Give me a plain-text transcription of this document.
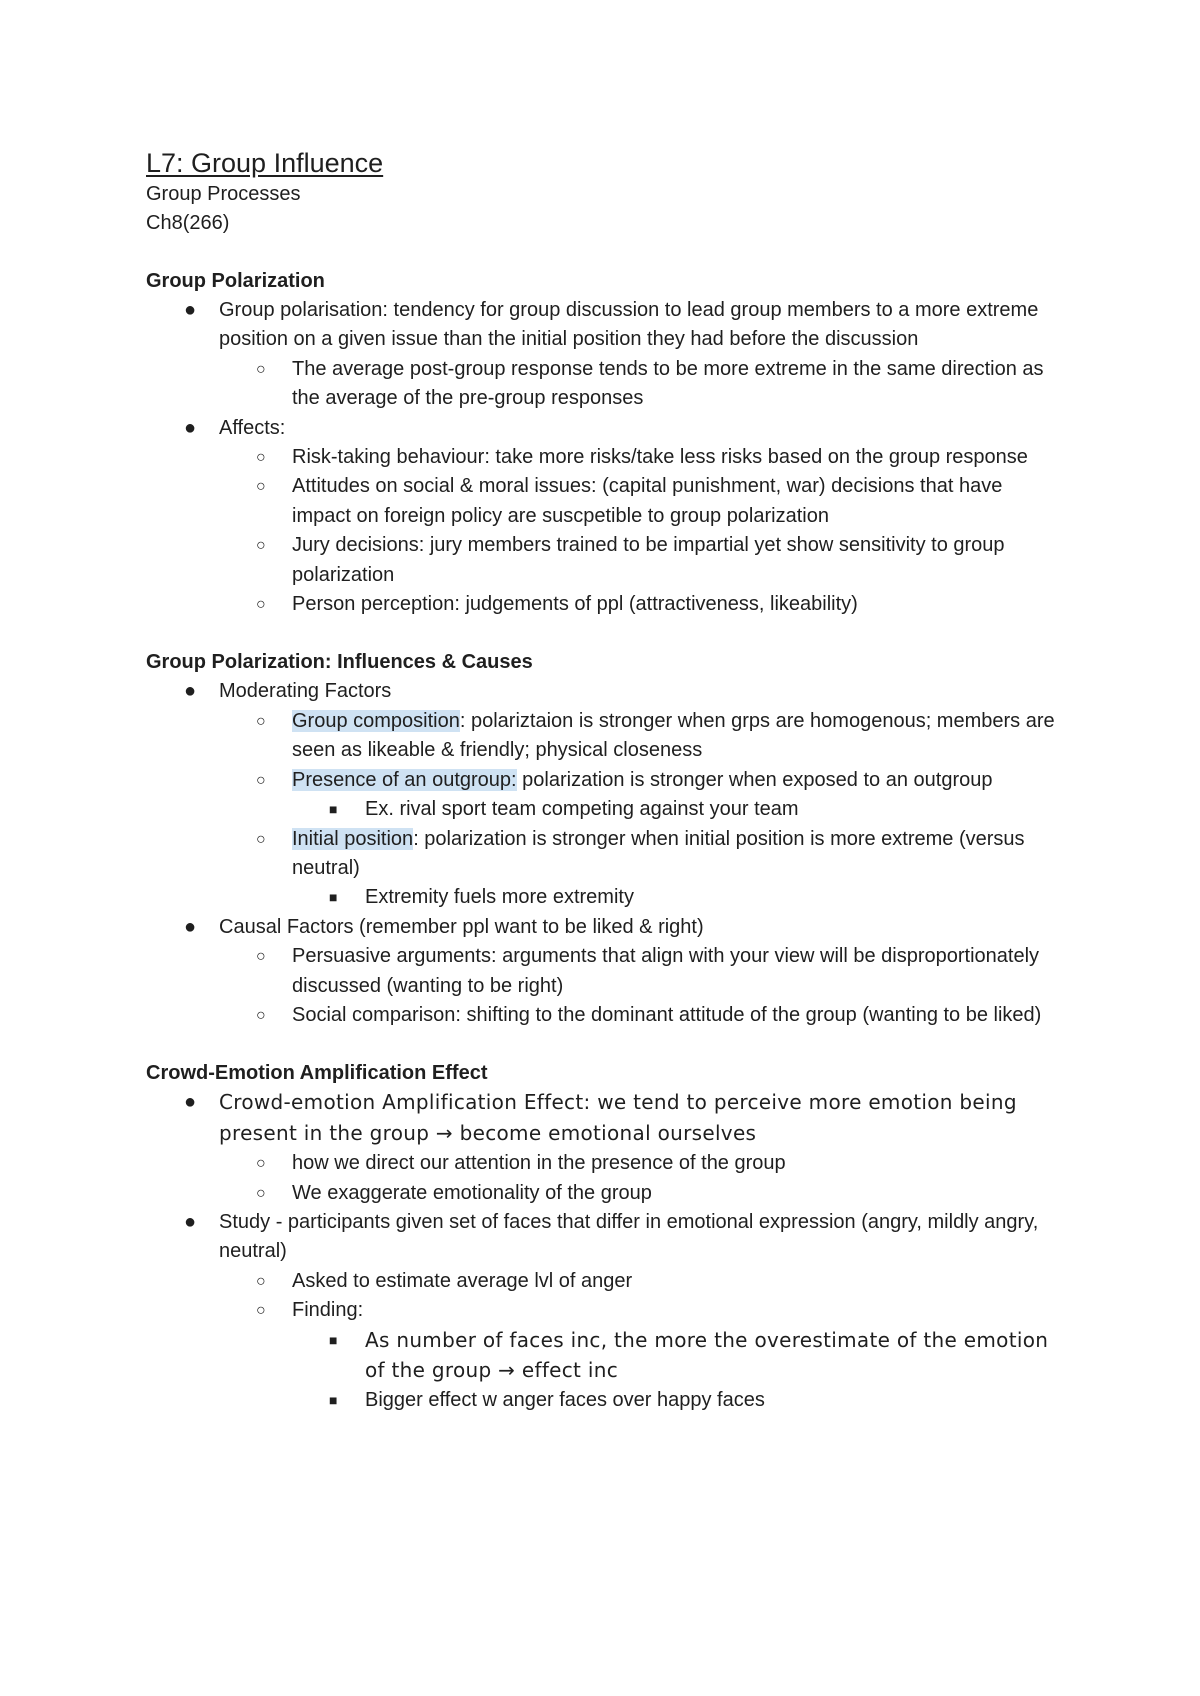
L7: Group Influence
Group Processes
Ch8(266)
Group Polarization
● Group polarisation: tendency for group discussion to lead group members to a more extreme position on a given issue than the initial position they had before the discussion
○ The average post-group response tends to be more extreme in the same direction as the average of the pre-group responses
● Affects:
○ Risk-taking behaviour: take more risks/take less risks based on the group response
○ Attitudes on social & moral issues: (capital punishment, war) decisions that have impact on foreign policy are suscpetible to group polarization
○ Jury decisions: jury members trained to be impartial yet show sensitivity to group polarization
○ Person perception: judgements of ppl (attractiveness, likeability)
Group Polarization: Influences & Causes
● Moderating Factors
○ Group composition: polariztaion is stronger when grps are homogenous; members are seen as likeable & friendly; physical closeness
○ Presence of an outgroup: polarization is stronger when exposed to an outgroup
■ Ex. rival sport team competing against your team
○ Initial position: polarization is stronger when initial position is more extreme (versus neutral)
■ Extremity fuels more extremity
● Causal Factors (remember ppl want to be liked & right)
○ Persuasive arguments: arguments that align with your view will be disproportionately discussed (wanting to be right)
○ Social comparison: shifting to the dominant attitude of the group (wanting to be liked)
Crowd-Emotion Amplification Effect
● Crowd-emotion Amplification Effect: we tend to perceive more emotion being present in the group → become emotional ourselves
○ how we direct our attention in the presence of the group
○ We exaggerate emotionality of the group
● Study - participants given set of faces that differ in emotional expression (angry, mildly angry, neutral)
○ Asked to estimate average lvl of anger
○ Finding:
■ As number of faces inc, the more the overestimate of the emotion of the group → effect inc
■ Bigger effect w anger faces over happy faces
